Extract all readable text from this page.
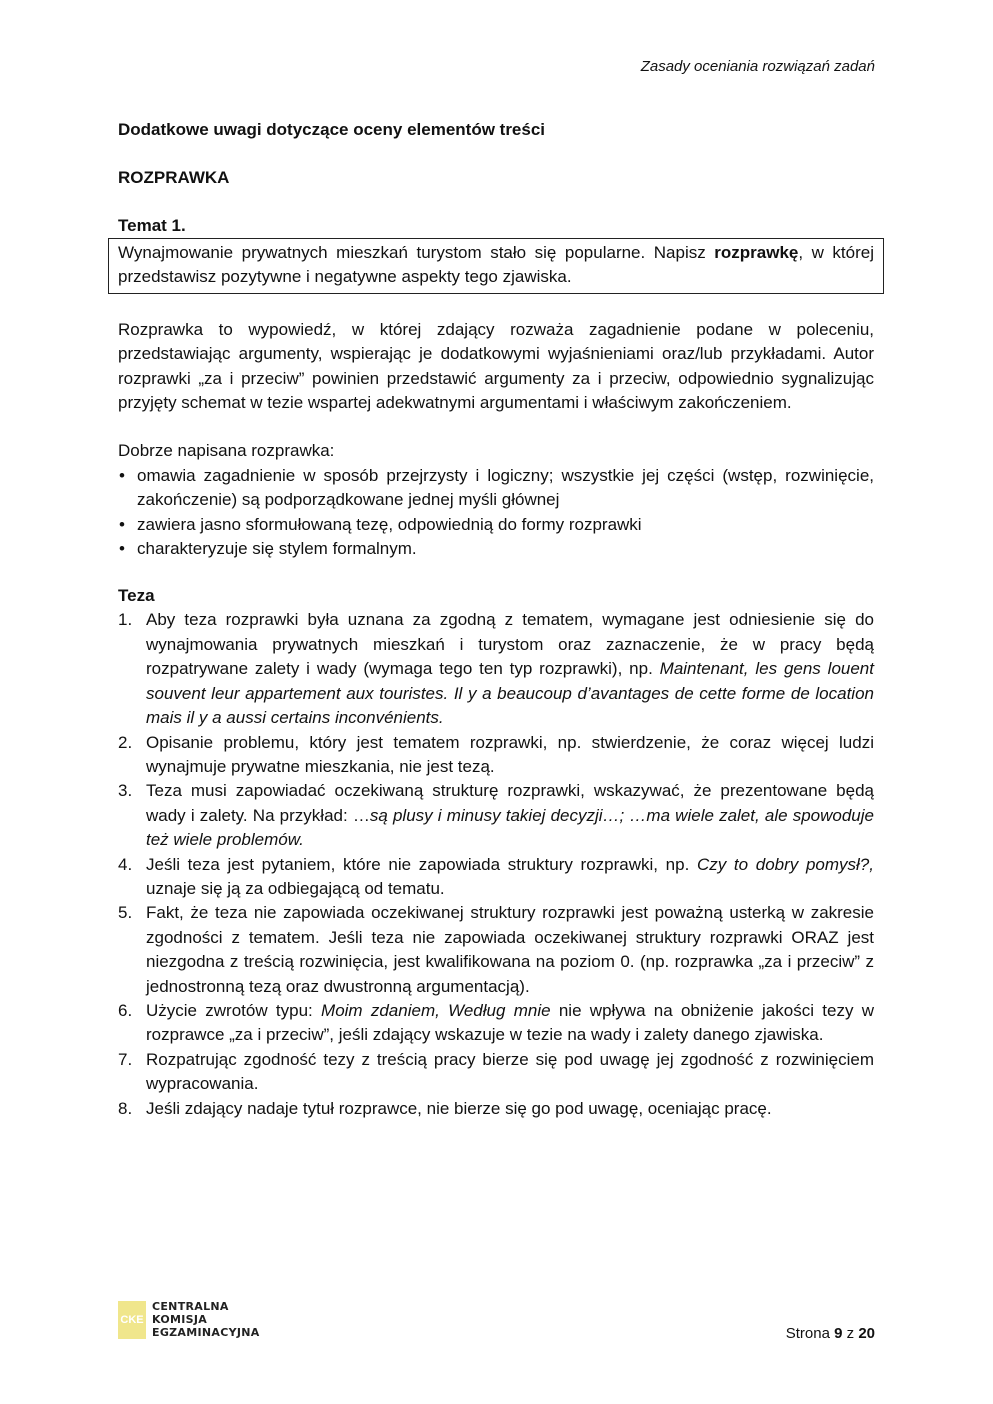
Zasady oceniania rozwiązań zadań

Dodatkowe uwagi dotyczące oceny elementów treści

ROZPRAWKA

Temat 1.

Wynajmowanie prywatnych mieszkań turystom stało się popularne. Napisz rozprawkę, w której przedstawisz pozytywne i negatywne aspekty tego zjawiska.

Rozprawka to wypowiedź, w której zdający rozważa zagadnienie podane w poleceniu, przedstawiając argumenty, wspierając je dodatkowymi wyjaśnieniami oraz/lub przykładami. Autor rozprawki „za i przeciw” powinien przedstawić argumenty za i przeciw, odpowiednio sygnalizując przyjęty schemat w tezie wspartej adekwatnymi argumentami i właściwym zakończeniem.

Dobrze napisana rozprawka:

• omawia zagadnienie w sposób przejrzysty i logiczny; wszystkie jej części (wstęp, rozwinięcie, zakończenie) są podporządkowane jednej myśli głównej
• zawiera jasno sformułowaną tezę, odpowiednią do formy rozprawki
• charakteryzuje się stylem formalnym.

Teza

1. Aby teza rozprawki była uznana za zgodną z tematem, wymagane jest odniesienie się do wynajmowania prywatnych mieszkań i turystom oraz zaznaczenie, że w pracy będą rozpatrywane zalety i wady (wymaga tego ten typ rozprawki), np. Maintenant, les gens louent souvent leur appartement aux touristes. Il y a beaucoup d’avantages de cette forme de location mais il y a aussi certains inconvénients.
2. Opisanie problemu, który jest tematem rozprawki, np. stwierdzenie, że coraz więcej ludzi wynajmuje prywatne mieszkania, nie jest tezą.
3. Teza musi zapowiadać oczekiwaną strukturę rozprawki, wskazywać, że prezentowane będą wady i zalety. Na przykład: …są plusy i minusy takiej decyzji…; …ma wiele zalet, ale spowoduje też wiele problemów.
4. Jeśli teza jest pytaniem, które nie zapowiada struktury rozprawki, np. Czy to dobry pomysł?, uznaje się ją za odbiegającą od tematu.
5. Fakt, że teza nie zapowiada oczekiwanej struktury rozprawki jest poważną usterką w zakresie zgodności z tematem. Jeśli teza nie zapowiada oczekiwanej struktury rozprawki ORAZ jest niezgodna z treścią rozwinięcia, jest kwalifikowana na poziom 0. (np. rozprawka „za i przeciw” z jednostronną tezą oraz dwustronną argumentacją).
6. Użycie zwrotów typu: Moim zdaniem, Według mnie nie wpływa na obniżenie jakości tezy w rozprawce „za i przeciw”, jeśli zdający wskazuje w tezie na wady i zalety danego zjawiska.
7. Rozpatrując zgodność tezy z treścią pracy bierze się pod uwagę jej zgodność z rozwinięciem wypracowania.
8. Jeśli zdający nadaje tytuł rozprawce, nie bierze się go pod uwagę, oceniając pracę.
CKE
CENTRALNA
KOMISJA
EGZAMINACYJNA	Strona 9 z 20
